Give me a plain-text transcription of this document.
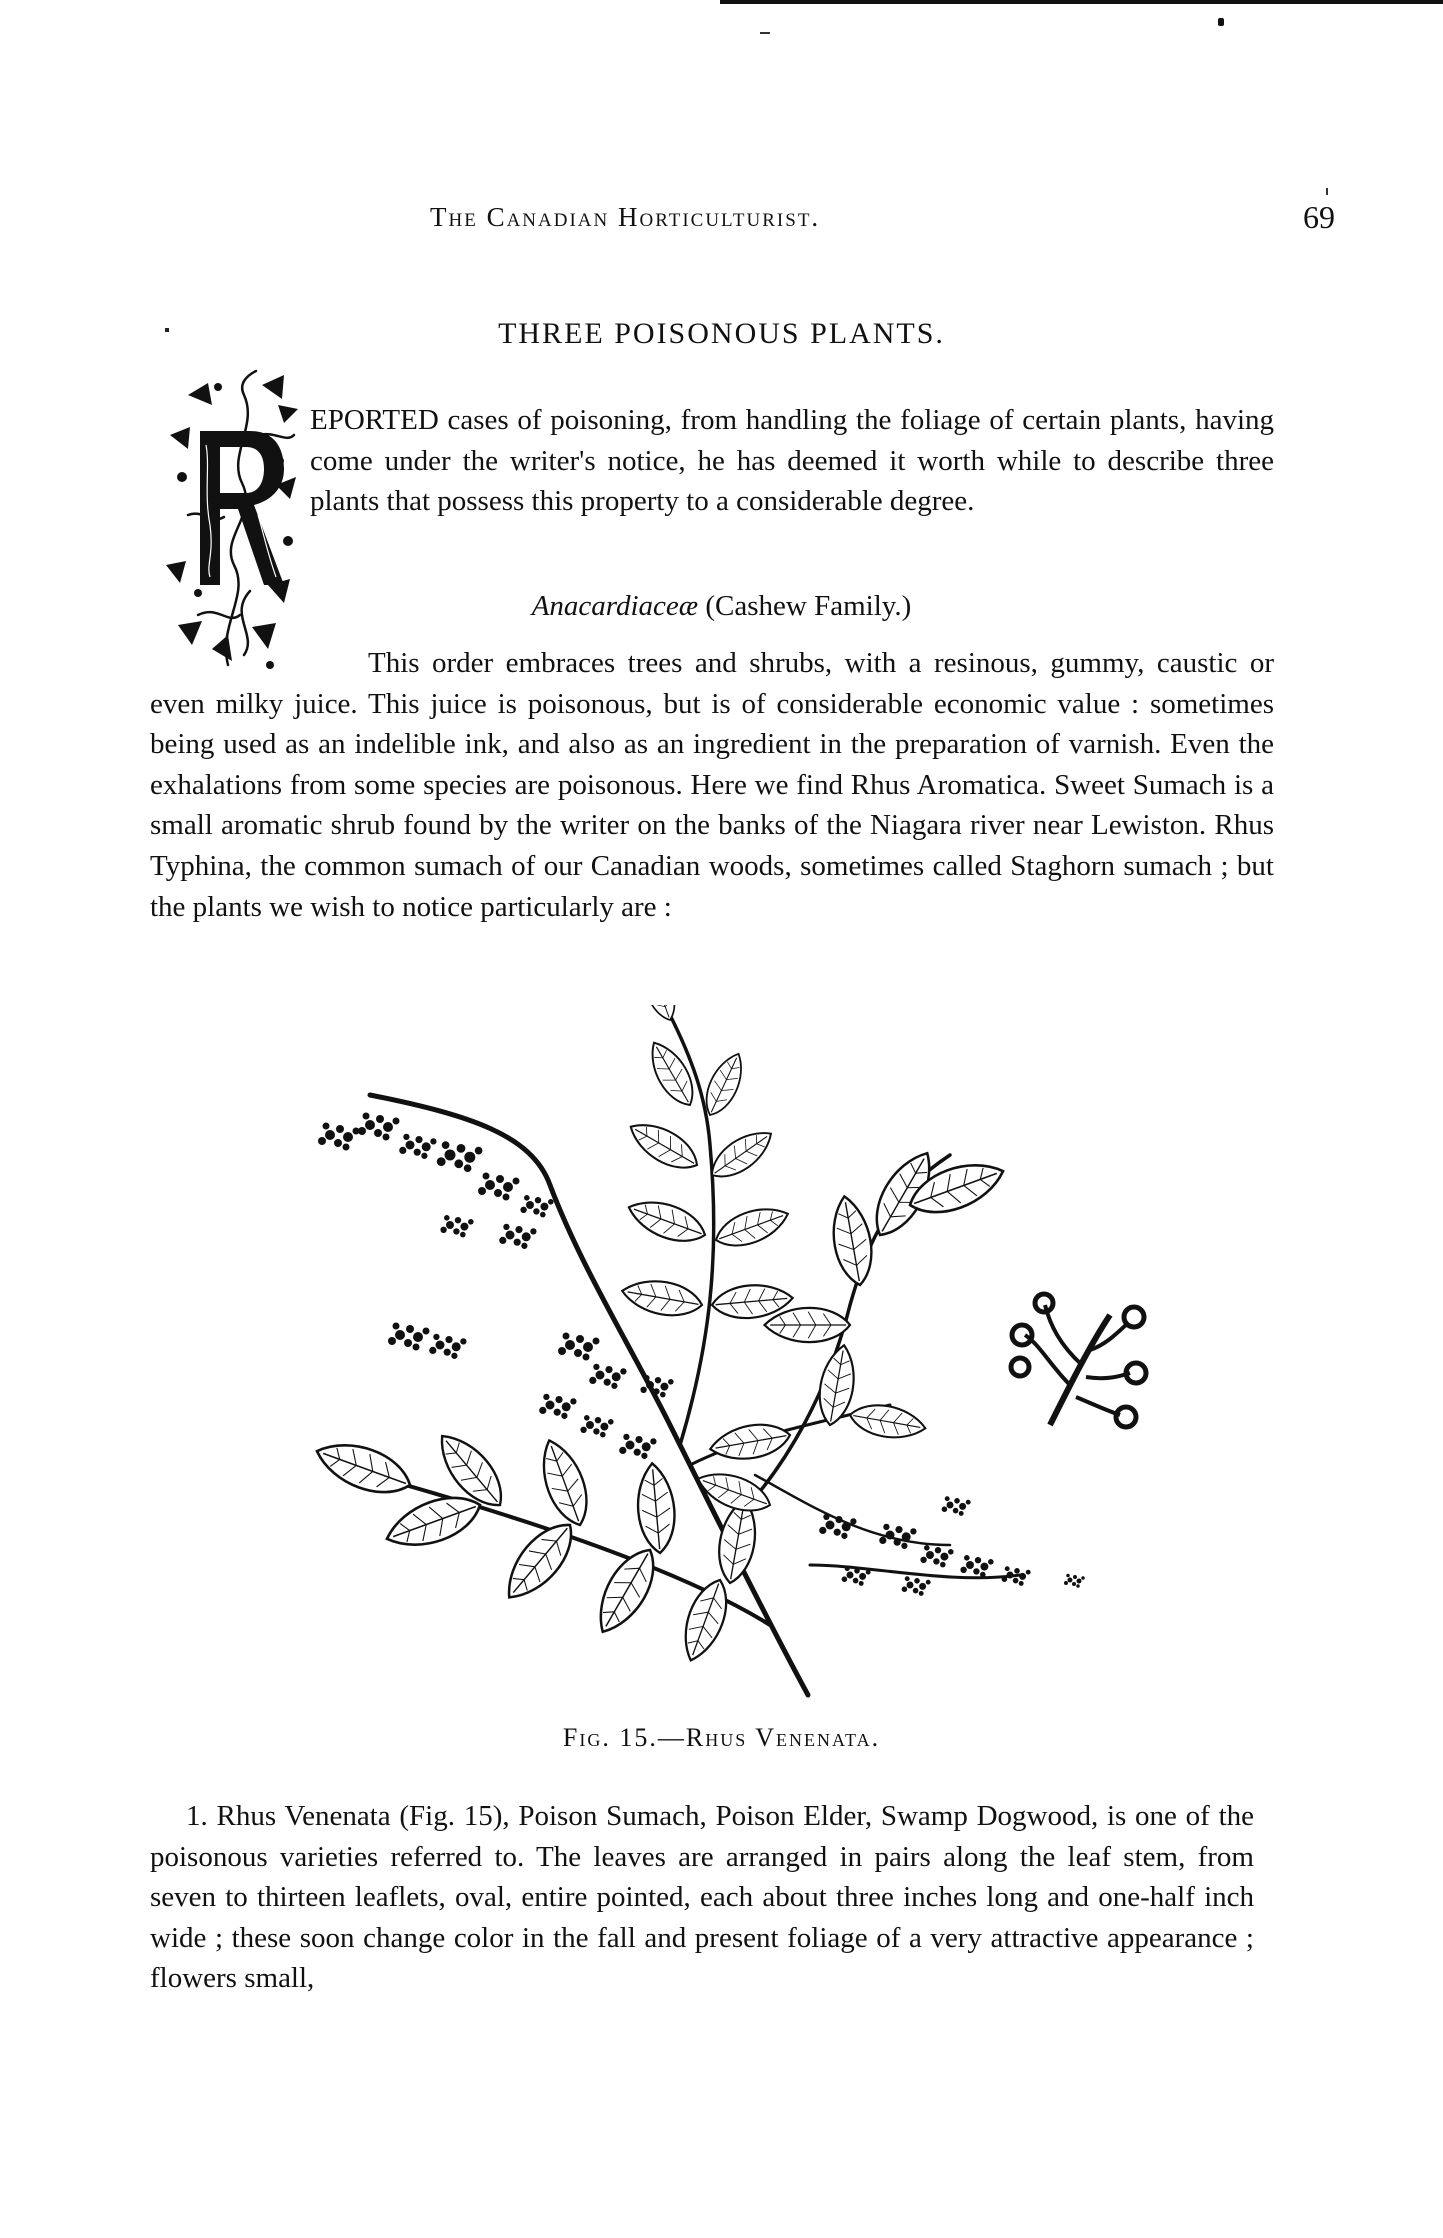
The Canadian Horticulturist.	69
THREE POISONOUS PLANTS.

EPORTED cases of poisoning, from handling the foliage of certain plants, having come under the writer's notice, he has deemed it worth while to describe three plants that possess this property to a considerable degree.

Anacardiaceæ (Cashew Family.)

This order embraces trees and shrubs, with a resinous, gummy, caustic or even milky juice. This juice is poisonous, but is of considerable economic value : sometimes being used as an indelible ink, and also as an ingredient in the preparation of varnish. Even the exhalations from some species are poisonous. Here we find Rhus Aromatica. Sweet Sumach is a small aromatic shrub found by the writer on the banks of the Niagara river near Lewiston. Rhus Typhina, the common sumach of our Canadian woods, sometimes called Staghorn sumach ; but the plants we wish to notice particularly are :

Fig. 15.—Rhus Venenata.

1. Rhus Venenata (Fig. 15), Poison Sumach, Poison Elder, Swamp Dogwood, is one of the poisonous varieties referred to. The leaves are arranged in pairs along the leaf stem, from seven to thirteen leaflets, oval, entire pointed, each about three inches long and one-half inch wide ; these soon change color in the fall and present foliage of a very attractive appearance ; flowers small,
